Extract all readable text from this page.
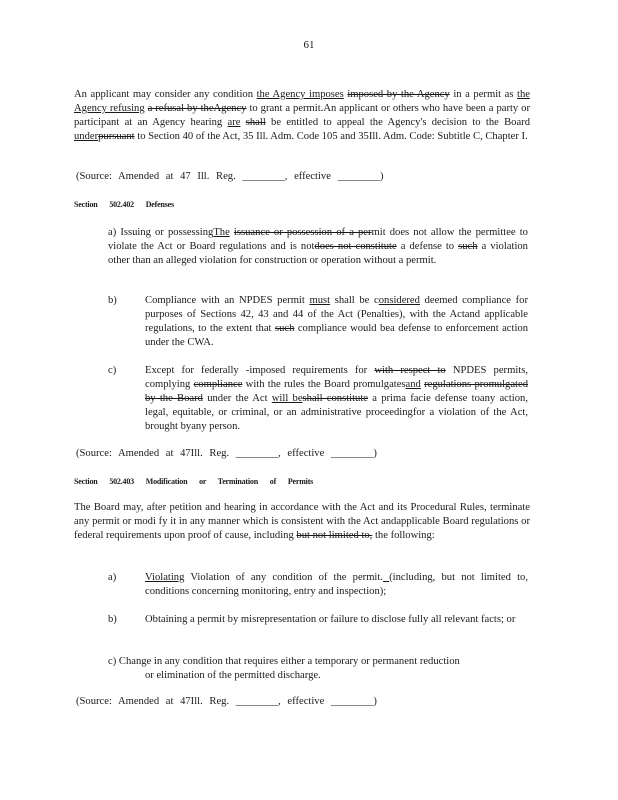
61
An applicant may consider any condition the Agency imposes imposed by the Agency in a permit as the Agency refusing a refusal by theAgency to grant a permit.An applicant or others who have been a party or participant at an Agency hearing are shall be entitled to appeal the Agency's decision to the Board underpursuant to Section 40 of the Act, 35 Ill. Adm. Code 105 and 35Ill. Adm. Code: Subtitle C, Chapter I.
(Source: Amended at 47 Ill. Reg. ________, effective ________)
Section 502.402 Defenses
a) Issuing or possessingThe issuance or possession of a permit does not allow the permittee to violate the Act or Board regulations and is notdoes not constitute a defense to such a violation other than an alleged violation for construction or operation without a permit.
b)	Compliance with an NPDES permit must shall be considered deemed compliance for purposes of Sections 42, 43 and 44 of the Act (Penalties), with the Actand applicable regulations, to the extent that such compliance would bea defense to enforcement action under the CWA.
c)	Except for federally -imposed requirements for with respect to NPDES permits, complying compliance with the rules the Board promulgatesand regulations promulgated by the Board under the Act will beshall constitute a prima facie defense toany action, legal, equitable, or criminal, or an administrative proceedingfor a violation of the Act, brought byany person.
(Source: Amended at 47Ill. Reg. ________, effective ________)
Section 502.403 Modification or Termination of Permits
The Board may, after petition and hearing in accordance with the Act and its Procedural Rules, terminate any permit or modi fy it in any manner which is consistent with the Act andapplicable Board regulations or federal requirements upon proof of cause, including but not limited to, the following:
a)	Violating Violation of any condition of the permit. (including, but not limited to, conditions concerning monitoring, entry and inspection);
b)	Obtaining a permit by misrepresentation or failure to disclose fully all relevant facts; or
c) Change in any condition that requires either a temporary or permanent reduction
or elimination of the permitted discharge.
(Source: Amended at 47Ill. Reg. ________, effective ________)
